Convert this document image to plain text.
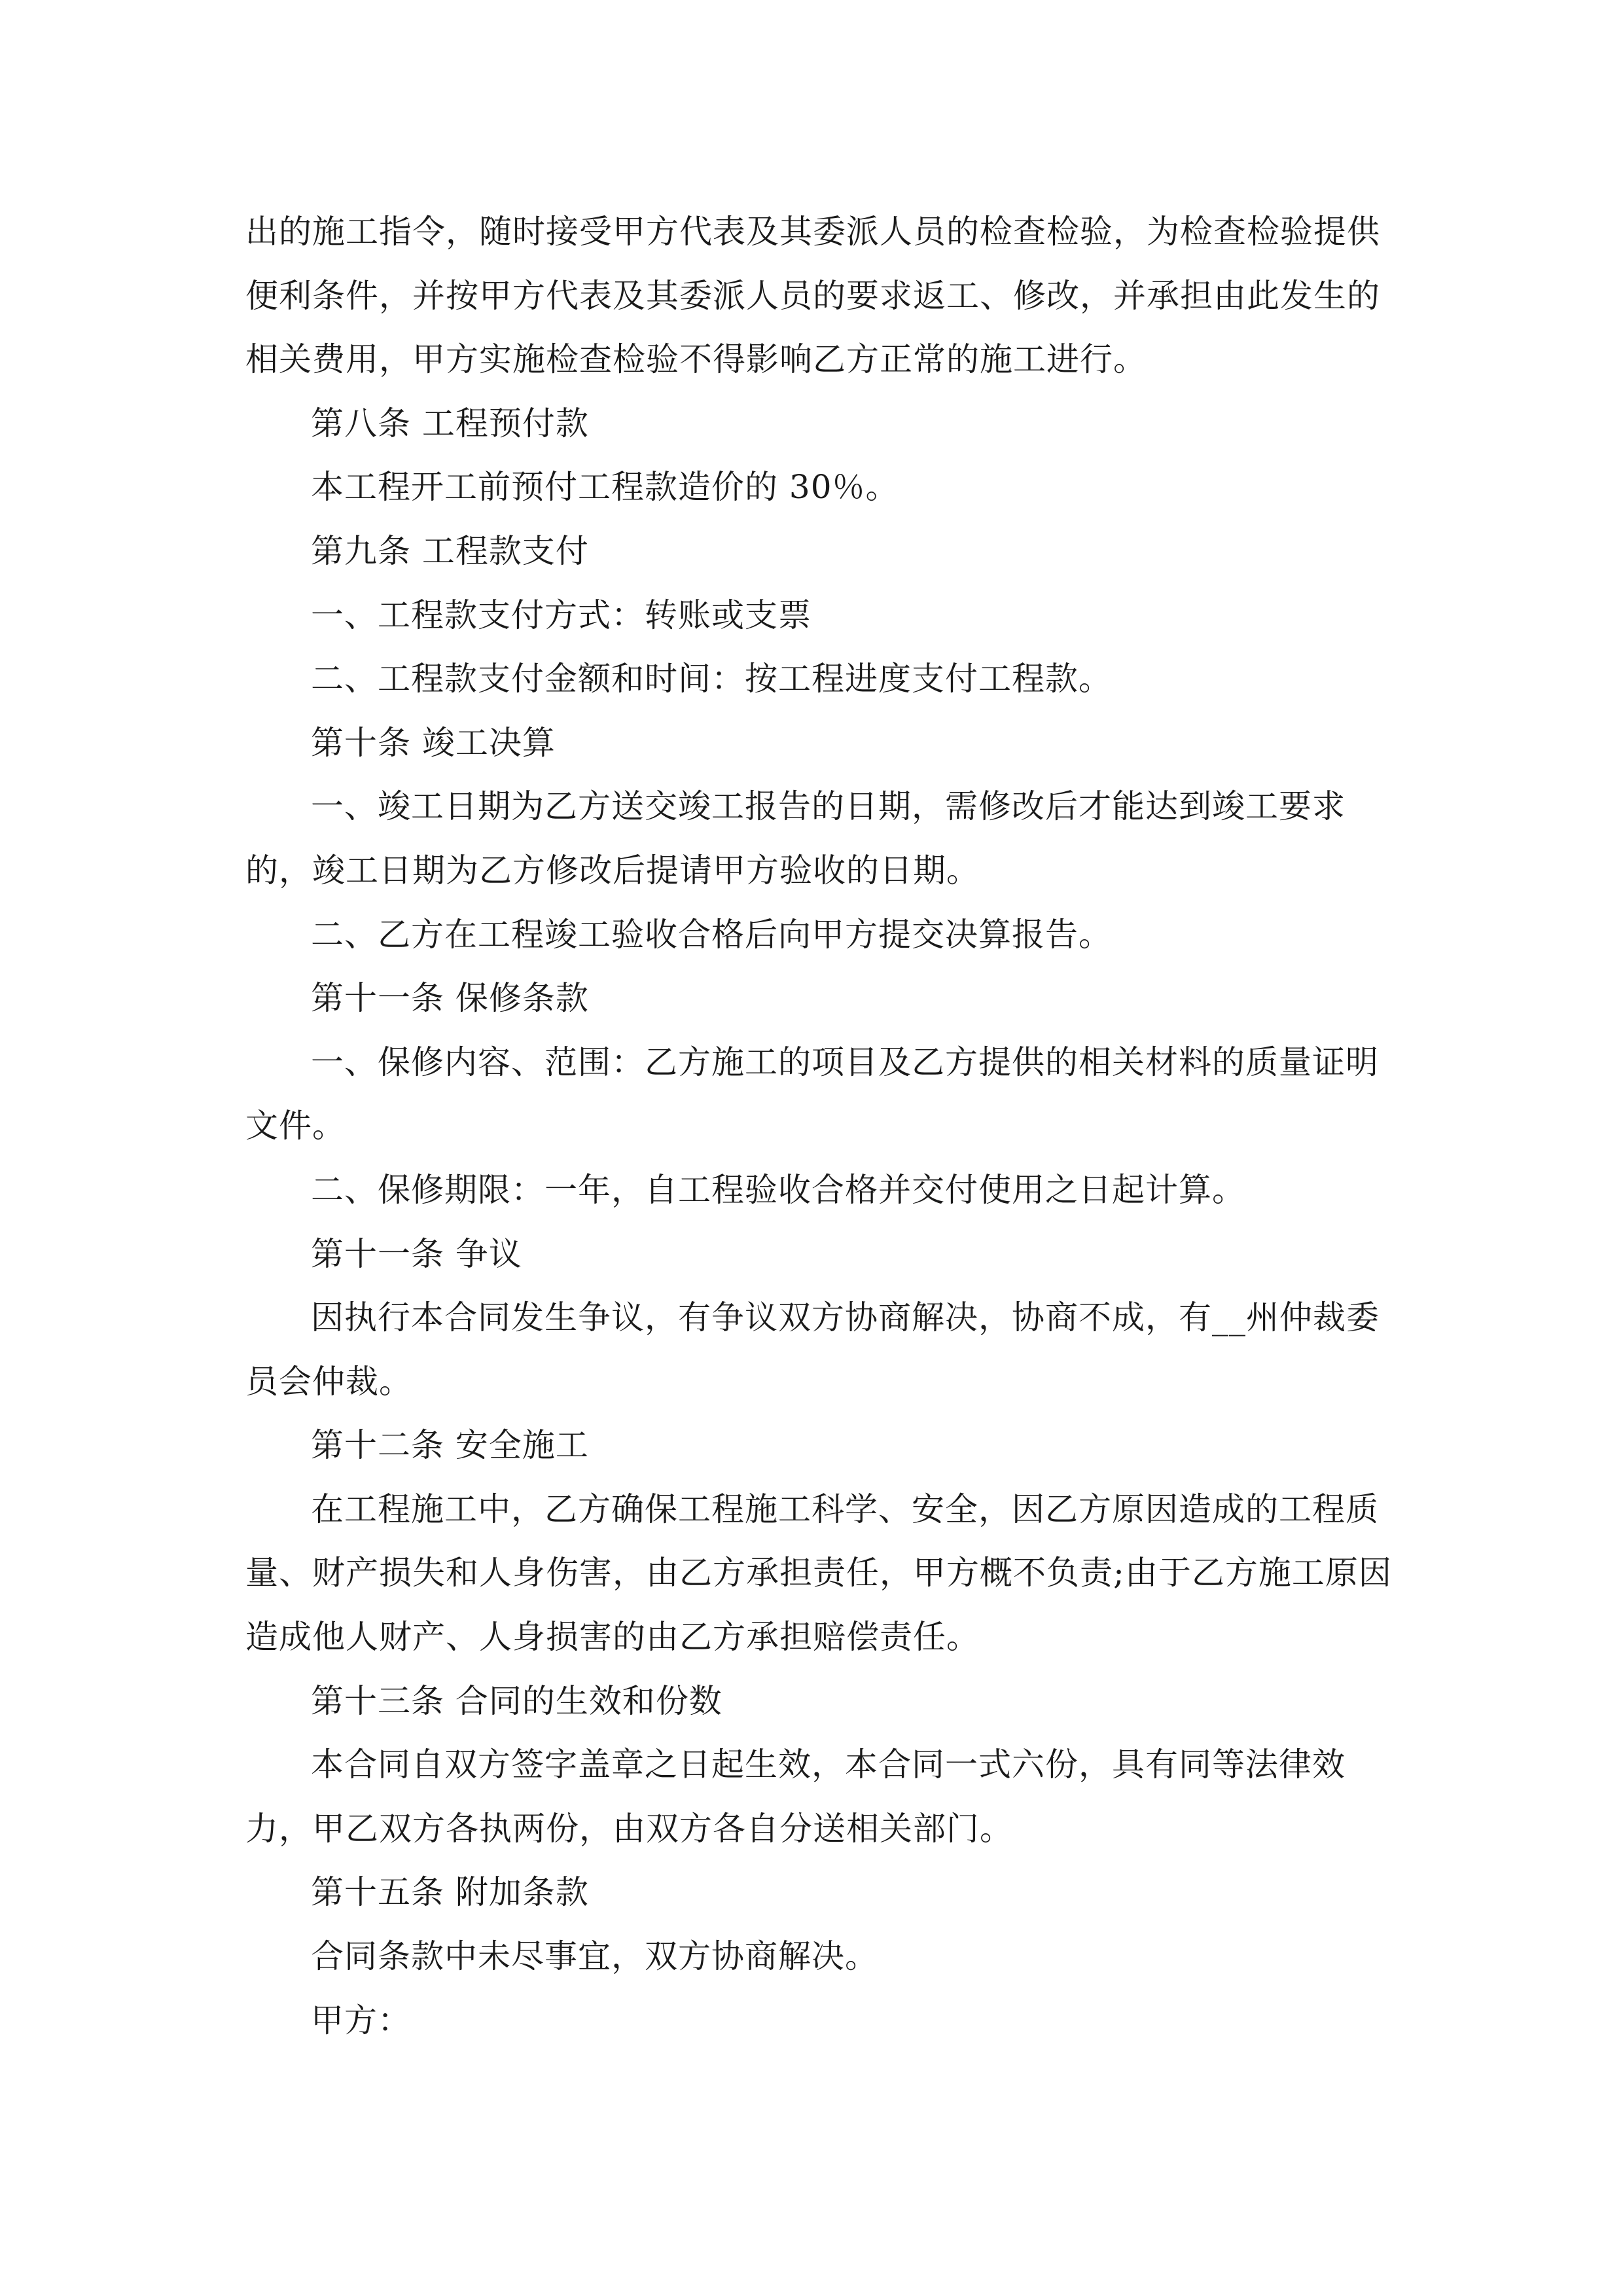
出的施工指令，随时接受甲方代表及其委派人员的检查检验，为检查检验提供便利条件，并按甲方代表及其委派人员的要求返工、修改，并承担由此发生的相关费用，甲方实施检查检验不得影响乙方正常的施工进行。

第八条 工程预付款

本工程开工前预付工程款造价的 30％。

第九条 工程款支付

一、工程款支付方式：转账或支票

二、工程款支付金额和时间：按工程进度支付工程款。

第十条 竣工决算

一、竣工日期为乙方送交竣工报告的日期，需修改后才能达到竣工要求的，竣工日期为乙方修改后提请甲方验收的日期。

二、乙方在工程竣工验收合格后向甲方提交决算报告。

第十一条 保修条款

一、保修内容、范围：乙方施工的项目及乙方提供的相关材料的质量证明文件。

二、保修期限：一年，自工程验收合格并交付使用之日起计算。

第十一条 争议

因执行本合同发生争议，有争议双方协商解决，协商不成，有__州仲裁委员会仲裁。

第十二条 安全施工

在工程施工中，乙方确保工程施工科学、安全，因乙方原因造成的工程质量、财产损失和人身伤害，由乙方承担责任，甲方概不负责;由于乙方施工原因造成他人财产、人身损害的由乙方承担赔偿责任。

第十三条 合同的生效和份数

本合同自双方签字盖章之日起生效，本合同一式六份，具有同等法律效力，甲乙双方各执两份，由双方各自分送相关部门。

第十五条 附加条款

合同条款中未尽事宜，双方协商解决。

甲方：
